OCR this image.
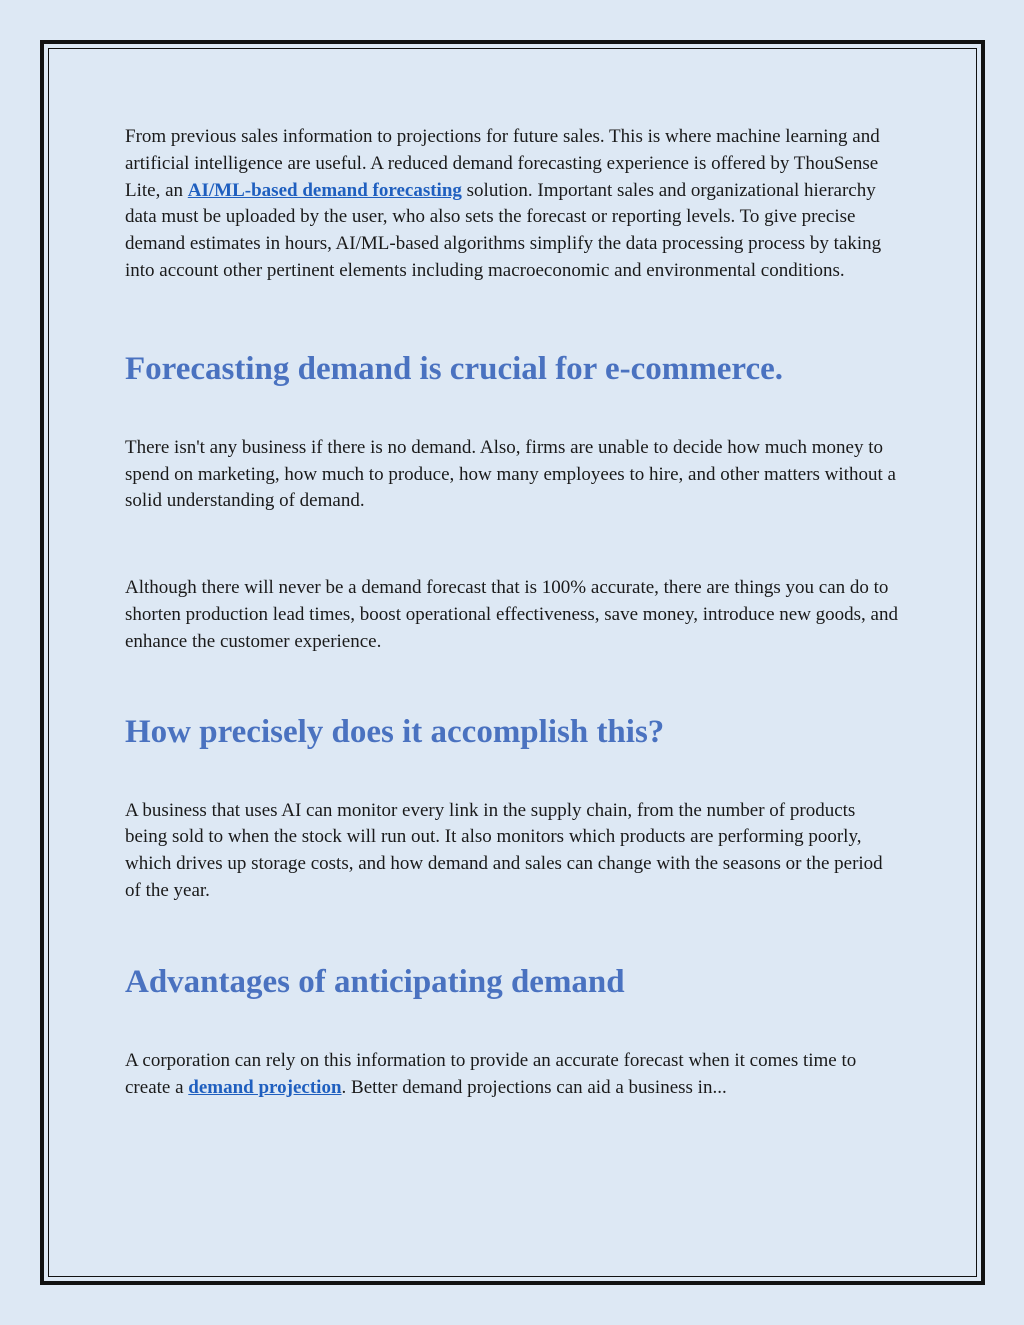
From previous sales information to projections for future sales. This is where machine learning and artificial intelligence are useful. A reduced demand forecasting experience is offered by ThouSense Lite, an AI/ML-based demand forecasting solution. Important sales and organizational hierarchy data must be uploaded by the user, who also sets the forecast or reporting levels. To give precise demand estimates in hours, AI/ML-based algorithms simplify the data processing process by taking into account other pertinent elements including macroeconomic and environmental conditions.

Forecasting demand is crucial for e-commerce.

There isn't any business if there is no demand. Also, firms are unable to decide how much money to spend on marketing, how much to produce, how many employees to hire, and other matters without a solid understanding of demand.

Although there will never be a demand forecast that is 100% accurate, there are things you can do to shorten production lead times, boost operational effectiveness, save money, introduce new goods, and enhance the customer experience.

How precisely does it accomplish this?

A business that uses AI can monitor every link in the supply chain, from the number of products being sold to when the stock will run out. It also monitors which products are performing poorly, which drives up storage costs, and how demand and sales can change with the seasons or the period of the year.

Advantages of anticipating demand

A corporation can rely on this information to provide an accurate forecast when it comes time to create a demand projection. Better demand projections can aid a business in...
